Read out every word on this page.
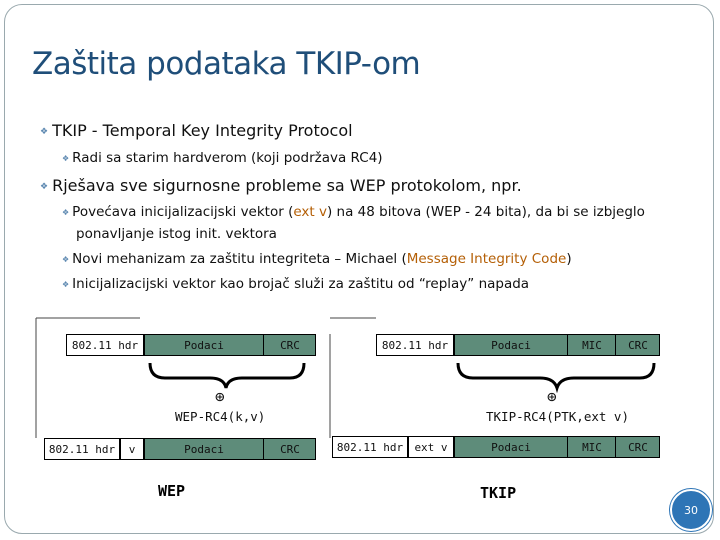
Zaštita podataka TKIP-om
❖ TKIP - Temporal Key Integrity Protocol
❖ Radi sa starim hardverom (koji podržava RC4)
❖ Rješava sve sigurnosne probleme sa WEP protokolom, npr.
❖ Povećava inicijalizacijski vektor (ext v) na 48 bitova (WEP - 24 bita), da bi se izbjeglo
ponavljanje istog init. vektora
❖ Novi mehanizam za zaštitu integriteta – Michael (Message Integrity Code)
❖ Inicijalizacijski vektor kao brojač služi za zaštitu od “replay” napada
802.11 hdr	Podaci	CRC
⊕
WEP-RC4(k,v)
802.11 hdr	v	Podaci	CRC
WEP
802.11 hdr	Podaci	MIC	CRC
⊕
TKIP-RC4(PTK,ext v)
802.11 hdr	ext v	Podaci	MIC	CRC
TKIP
30
